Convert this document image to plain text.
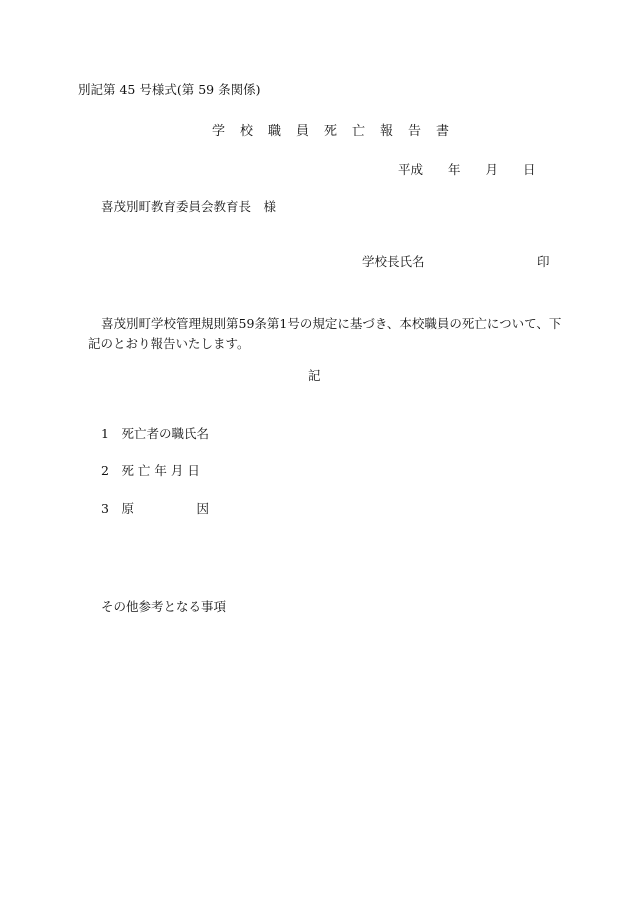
別記第 45 号様式(第 59 条関係)
学　校　職　員　死　亡　報　告　書
平成　　年　　月　　日
喜茂別町教育委員会教育長　様
学校長氏名　　　　　　　　　印
喜茂別町学校管理規則第59条第1号の規定に基づき、本校職員の死亡について、下記のとおり報告いたします。
記
1　死亡者の職氏名
2　死 亡 年 月 日
3　原　　　　　因
その他参考となる事項
